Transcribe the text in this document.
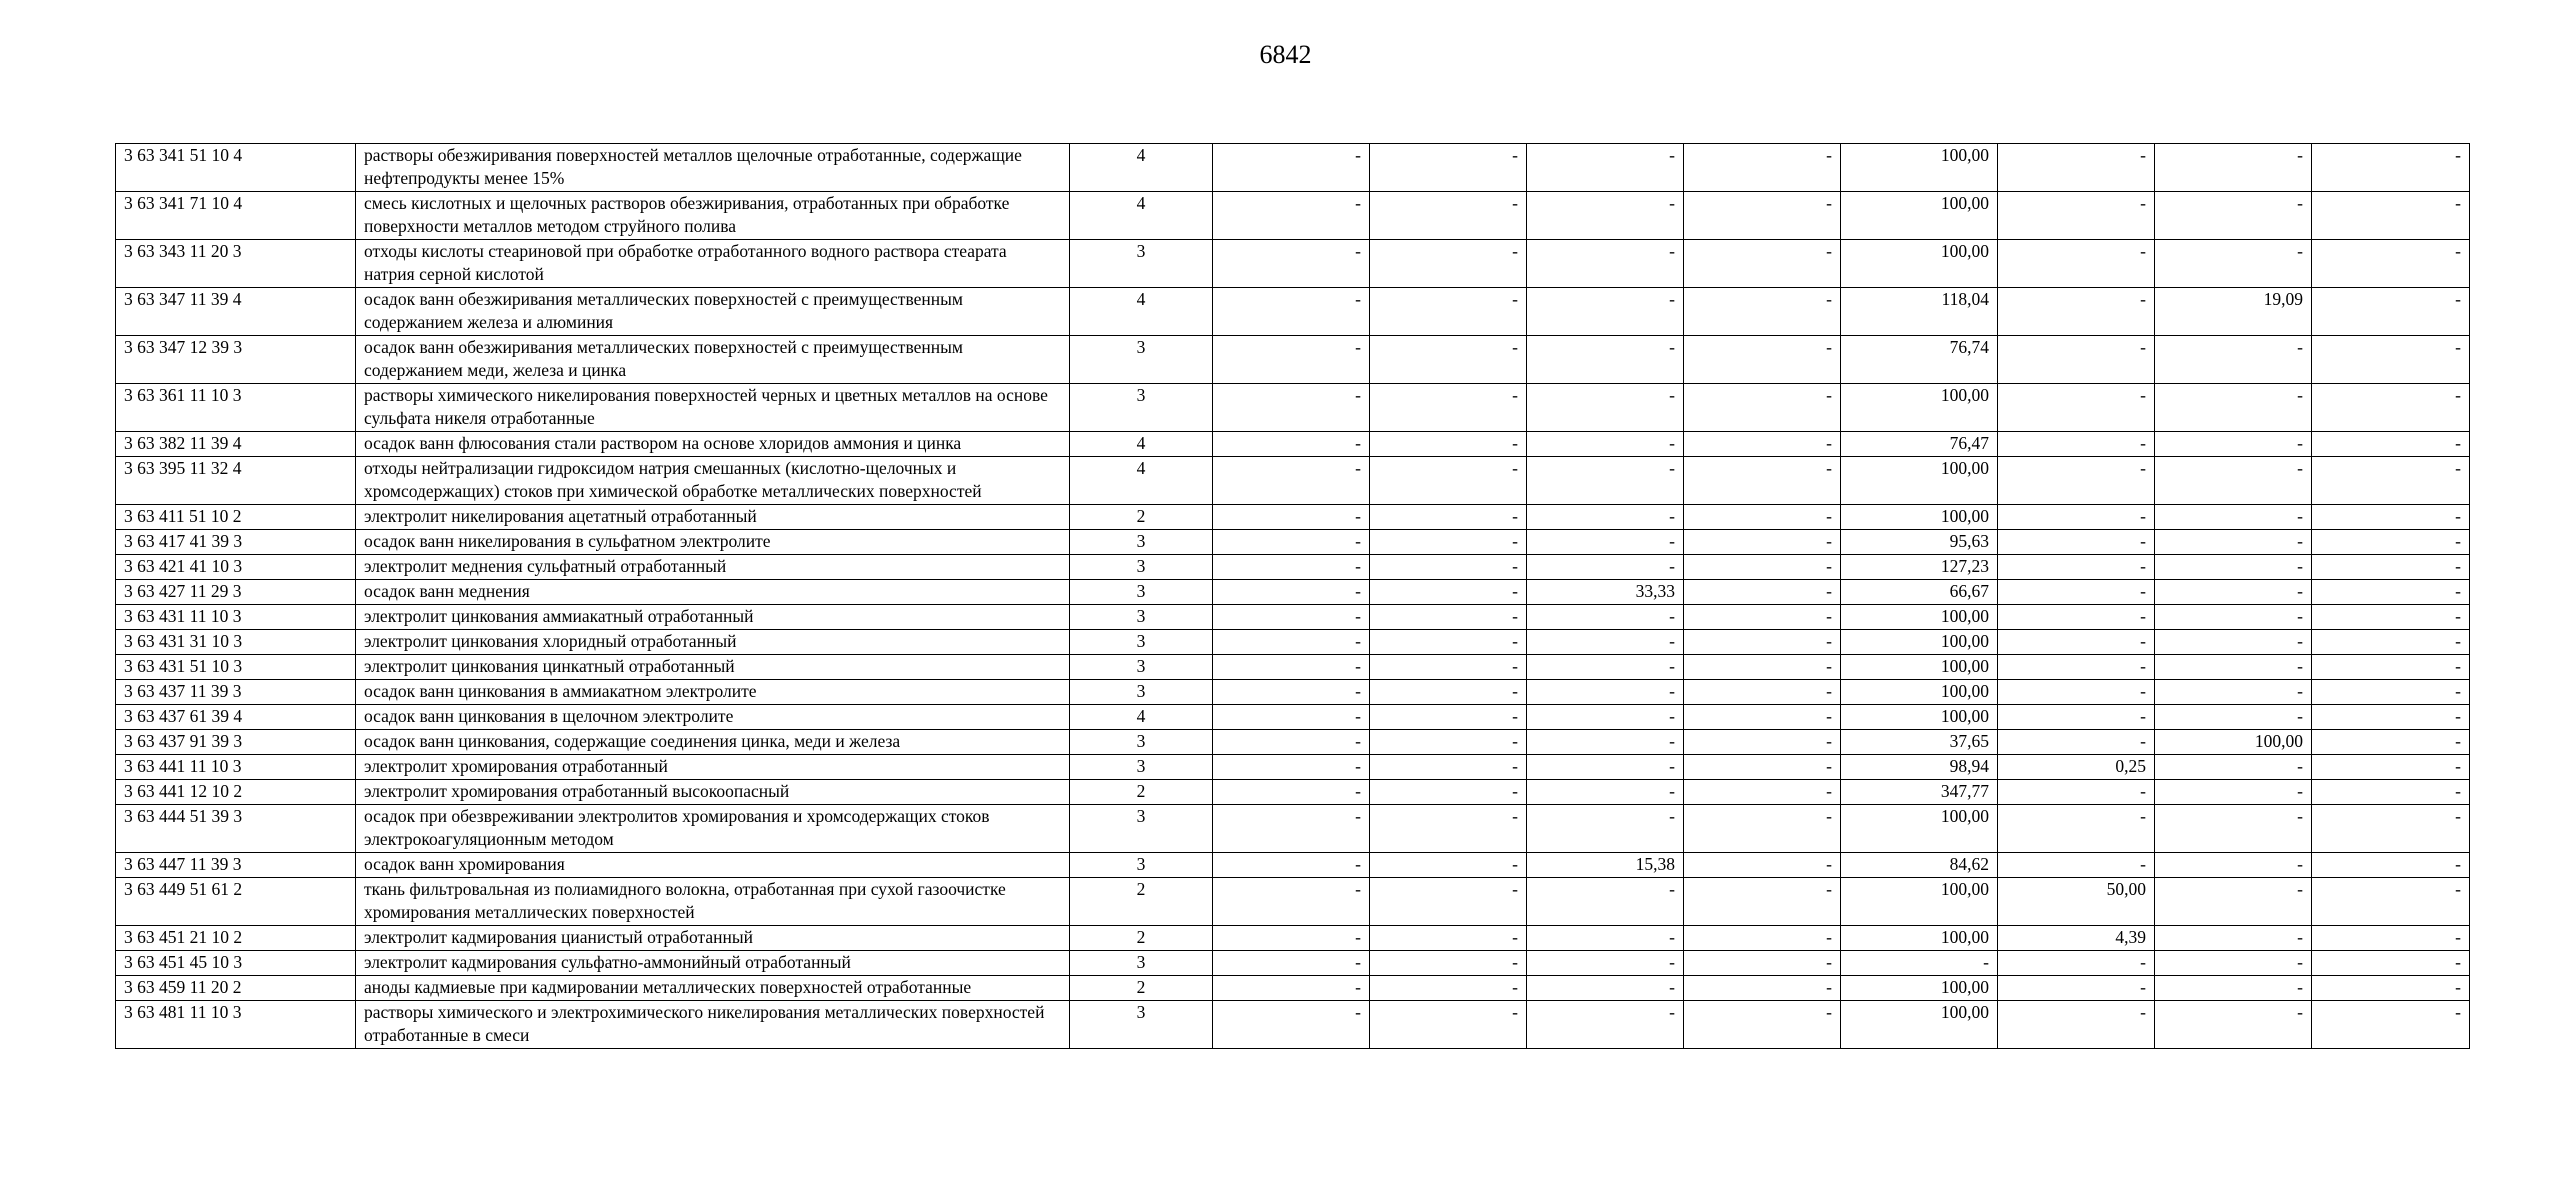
6842
3 63 341 51 10 4	растворы обезжиривания поверхностей металлов щелочные отработанные, содержащие нефтепродукты менее 15%	4	-	-	-	-	100,00	-	-	-
3 63 341 71 10 4	смесь кислотных и щелочных растворов обезжиривания, отработанных при обработке поверхности металлов методом струйного полива	4	-	-	-	-	100,00	-	-	-
3 63 343 11 20 3	отходы кислоты стеариновой при обработке отработанного водного раствора стеарата натрия серной кислотой	3	-	-	-	-	100,00	-	-	-
3 63 347 11 39 4	осадок ванн обезжиривания металлических поверхностей с преимущественным содержанием железа и алюминия	4	-	-	-	-	118,04	-	19,09	-
3 63 347 12 39 3	осадок ванн обезжиривания металлических поверхностей с преимущественным содержанием меди, железа и цинка	3	-	-	-	-	76,74	-	-	-
3 63 361 11 10 3	растворы химического никелирования поверхностей черных и цветных металлов на основе сульфата никеля отработанные	3	-	-	-	-	100,00	-	-	-
3 63 382 11 39 4	осадок ванн флюсования стали раствором на основе хлоридов аммония и цинка	4	-	-	-	-	76,47	-	-	-
3 63 395 11 32 4	отходы нейтрализации гидроксидом натрия смешанных (кислотно-щелочных и хромсодержащих) стоков при химической обработке металлических поверхностей	4	-	-	-	-	100,00	-	-	-
3 63 411 51 10 2	электролит никелирования ацетатный отработанный	2	-	-	-	-	100,00	-	-	-
3 63 417 41 39 3	осадок ванн никелирования в сульфатном электролите	3	-	-	-	-	95,63	-	-	-
3 63 421 41 10 3	электролит меднения сульфатный отработанный	3	-	-	-	-	127,23	-	-	-
3 63 427 11 29 3	осадок ванн меднения	3	-	-	33,33	-	66,67	-	-	-
3 63 431 11 10 3	электролит цинкования аммиакатный отработанный	3	-	-	-	-	100,00	-	-	-
3 63 431 31 10 3	электролит цинкования хлоридный отработанный	3	-	-	-	-	100,00	-	-	-
3 63 431 51 10 3	электролит цинкования цинкатный отработанный	3	-	-	-	-	100,00	-	-	-
3 63 437 11 39 3	осадок ванн цинкования в аммиакатном электролите	3	-	-	-	-	100,00	-	-	-
3 63 437 61 39 4	осадок ванн цинкования в щелочном электролите	4	-	-	-	-	100,00	-	-	-
3 63 437 91 39 3	осадок ванн цинкования, содержащие соединения цинка, меди и железа	3	-	-	-	-	37,65	-	100,00	-
3 63 441 11 10 3	электролит хромирования отработанный	3	-	-	-	-	98,94	0,25	-	-
3 63 441 12 10 2	электролит хромирования отработанный высокоопасный	2	-	-	-	-	347,77	-	-	-
3 63 444 51 39 3	осадок при обезвреживании электролитов хромирования и хромсодержащих стоков электрокоагуляционным методом	3	-	-	-	-	100,00	-	-	-
3 63 447 11 39 3	осадок ванн хромирования	3	-	-	15,38	-	84,62	-	-	-
3 63 449 51 61 2	ткань фильтровальная из полиамидного волокна, отработанная при сухой газоочистке хромирования металлических поверхностей	2	-	-	-	-	100,00	50,00	-	-
3 63 451 21 10 2	электролит кадмирования цианистый отработанный	2	-	-	-	-	100,00	4,39	-	-
3 63 451 45 10 3	электролит кадмирования сульфатно-аммонийный отработанный	3	-	-	-	-	-	-	-	-
3 63 459 11 20 2	аноды кадмиевые при кадмировании металлических поверхностей отработанные	2	-	-	-	-	100,00	-	-	-
3 63 481 11 10 3	растворы химического и электрохимического никелирования металлических поверхностей отработанные в смеси	3	-	-	-	-	100,00	-	-	-
